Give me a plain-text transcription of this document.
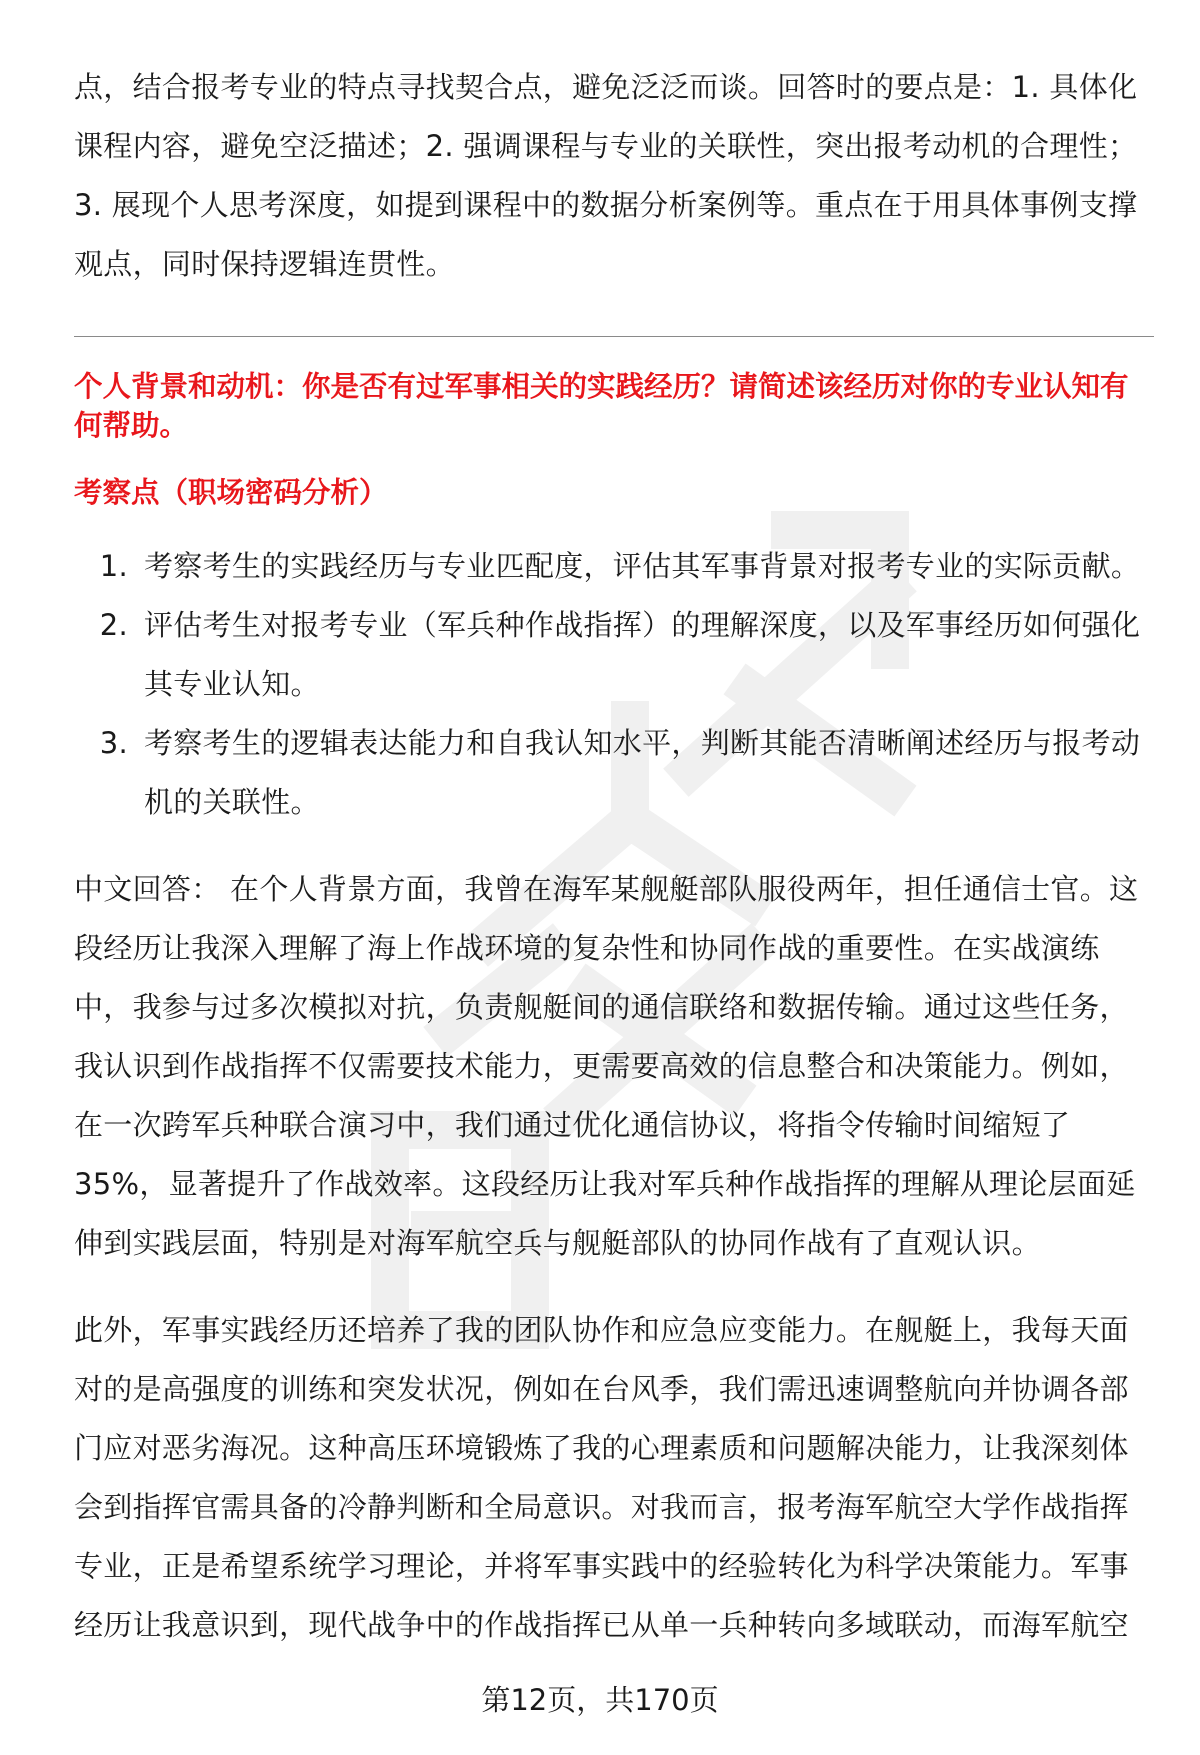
点，结合报考专业的特点寻找契合点，避免泛泛而谈。回答时的要点是：1. 具体化课程内容，避免空泛描述；2. 强调课程与专业的关联性，突出报考动机的合理性；3. 展现个人思考深度，如提到课程中的数据分析案例等。重点在于用具体事例支撑观点，同时保持逻辑连贯性。

个人背景和动机：你是否有过军事相关的实践经历？请简述该经历对你的专业认知有何帮助。

考察点（职场密码分析）

1. 考察考生的实践经历与专业匹配度，评估其军事背景对报考专业的实际贡献。
2. 评估考生对报考专业（军兵种作战指挥）的理解深度，以及军事经历如何强化其专业认知。
3. 考察考生的逻辑表达能力和自我认知水平，判断其能否清晰阐述经历与报考动机的关联性。

中文回答： 在个人背景方面，我曾在海军某舰艇部队服役两年，担任通信士官。这段经历让我深入理解了海上作战环境的复杂性和协同作战的重要性。在实战演练中，我参与过多次模拟对抗，负责舰艇间的通信联络和数据传输。通过这些任务，我认识到作战指挥不仅需要技术能力，更需要高效的信息整合和决策能力。例如，在一次跨军兵种联合演习中，我们通过优化通信协议，将指令传输时间缩短了35%，显著提升了作战效率。这段经历让我对军兵种作战指挥的理解从理论层面延伸到实践层面，特别是对海军航空兵与舰艇部队的协同作战有了直观认识。

此外，军事实践经历还培养了我的团队协作和应急应变能力。在舰艇上，我每天面对的是高强度的训练和突发状况，例如在台风季，我们需迅速调整航向并协调各部门应对恶劣海况。这种高压环境锻炼了我的心理素质和问题解决能力，让我深刻体会到指挥官需具备的冷静判断和全局意识。对我而言，报考海军航空大学作战指挥专业，正是希望系统学习理论，并将军事实践中的经验转化为科学决策能力。军事经历让我意识到，现代战争中的作战指挥已从单一兵种转向多域联动，而海军航空

第12页，共170页
